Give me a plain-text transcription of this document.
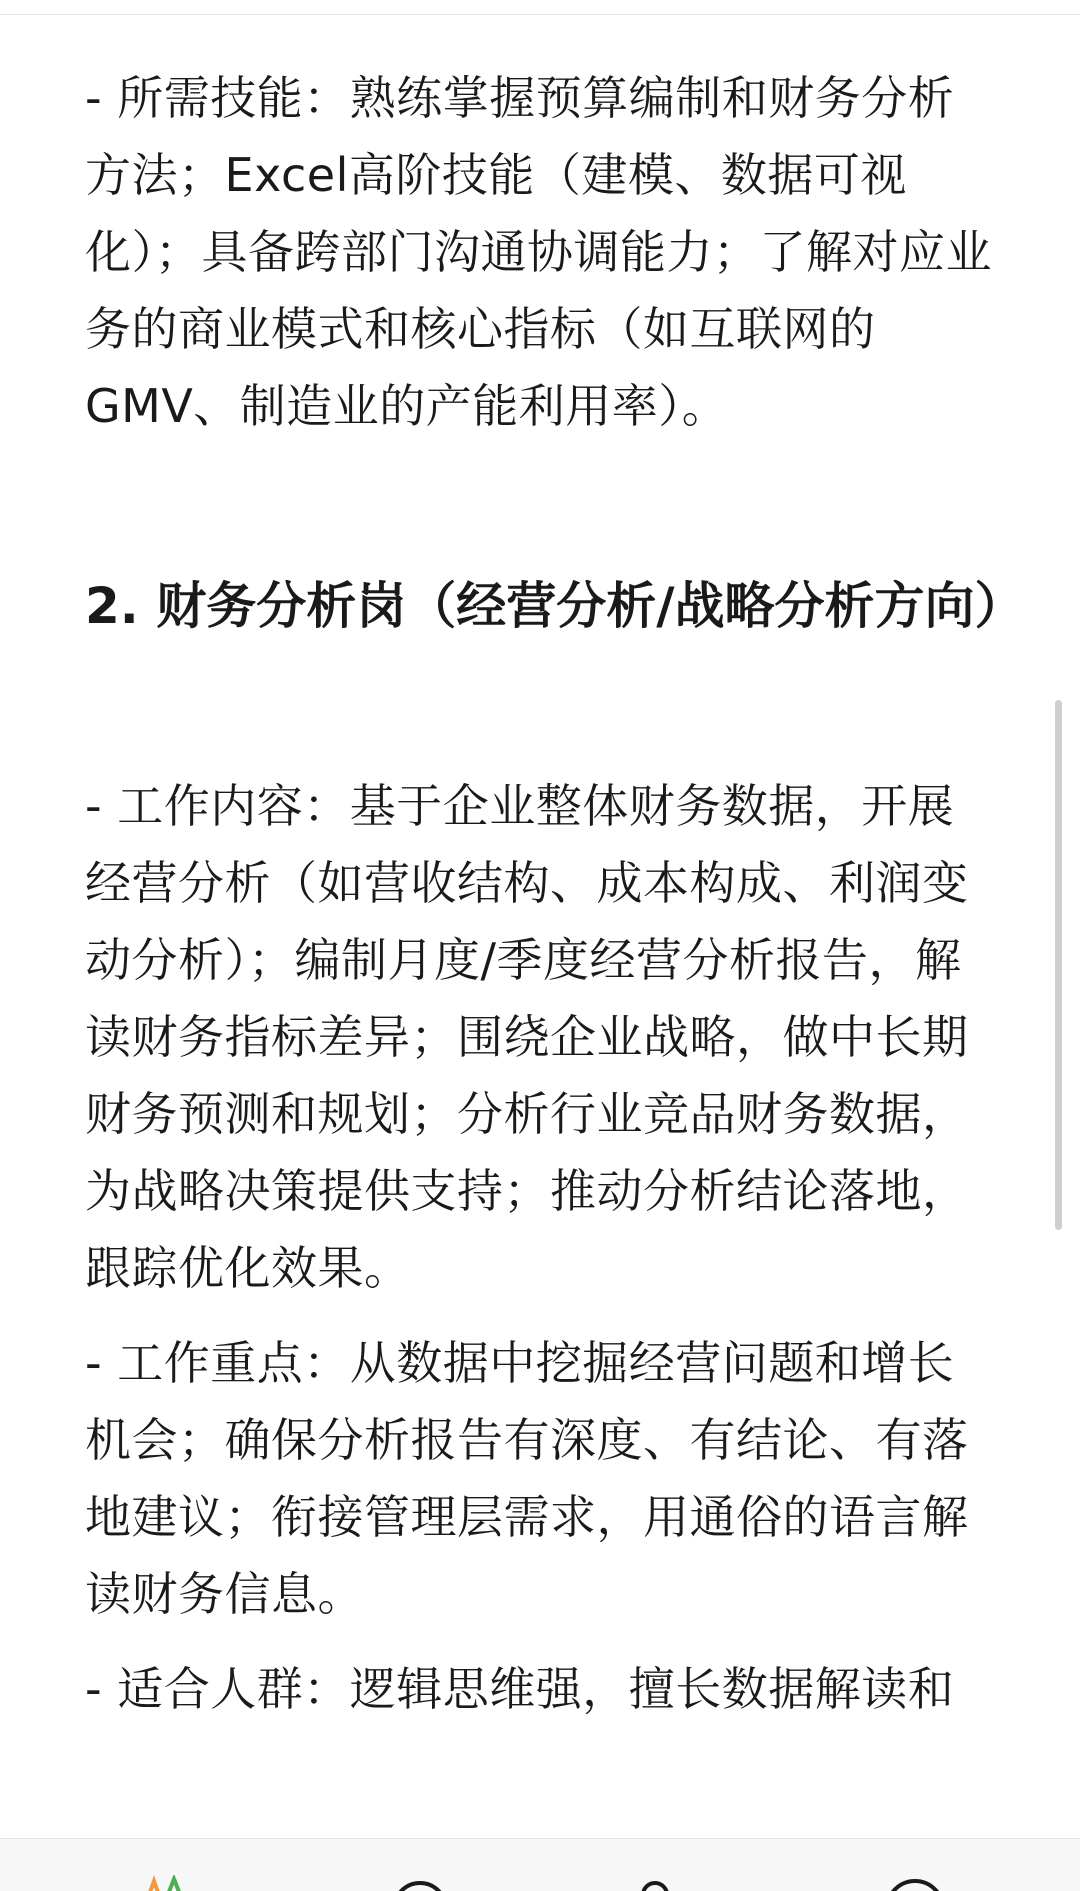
- 所需技能：熟练掌握预算编制和财务分析方法；Excel高阶技能（建模、数据可视化）；具备跨部门沟通协调能力；了解对应业务的商业模式和核心指标（如互联网的GMV、制造业的产能利用率）。

2. 财务分析岗（经营分析/战略分析方向）

- 工作内容：基于企业整体财务数据，开展经营分析（如营收结构、成本构成、利润变动分析）；编制月度/季度经营分析报告，解读财务指标差异；围绕企业战略，做中长期财务预测和规划；分析行业竞品财务数据，为战略决策提供支持；推动分析结论落地，跟踪优化效果。

- 工作重点：从数据中挖掘经营问题和增长机会；确保分析报告有深度、有结论、有落地建议；衔接管理层需求，用通俗的语言解读财务信息。

- 适合人群：逻辑思维强，擅长数据解读和
